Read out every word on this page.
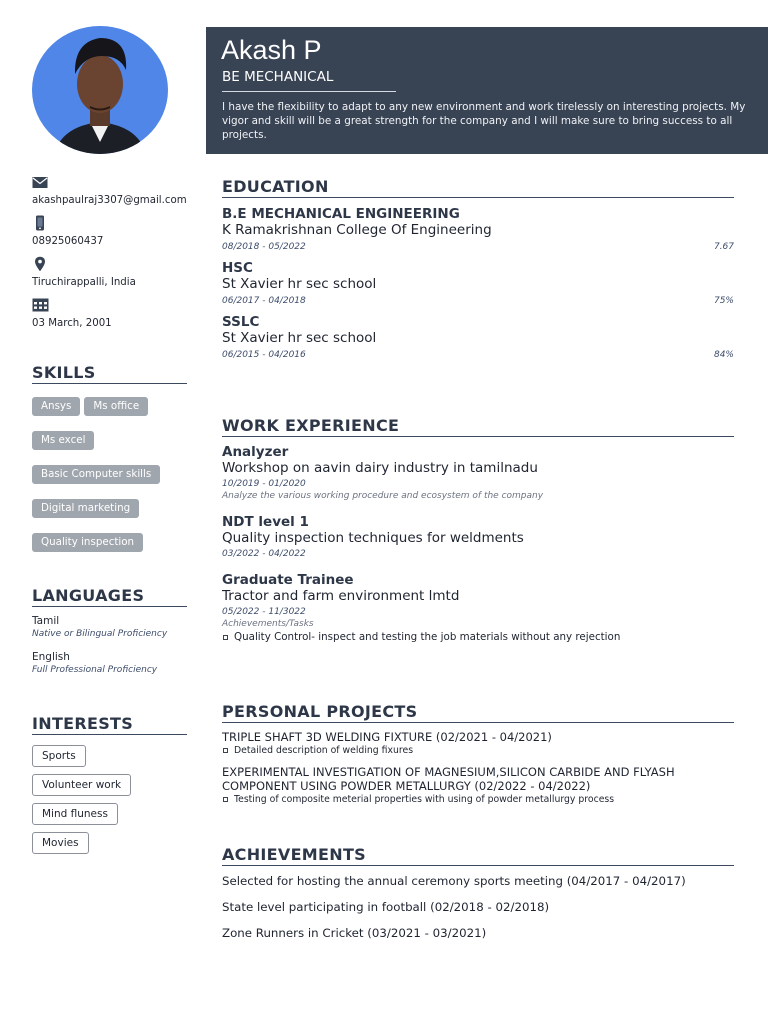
akashpaulraj3307@gmail.com
08925060437
Tiruchirappalli, India
03 March, 2001
SKILLS
Ansys Ms office
Ms excel
Basic Computer skills
Digital marketing
Quality inspection
LANGUAGES
Tamil
Native or Bilingual Proficiency
English
Full Professional Proficiency
INTERESTS
Sports
Volunteer work
Mind fluness
Movies
Akash P
BE MECHANICAL
I have the flexibility to adapt to any new environment and work tirelessly on interesting projects. My vigor and skill will be a great strength for the company and I will make sure to bring success to all projects.
EDUCATION
B.E MECHANICAL ENGINEERING
K Ramakrishnan College Of Engineering
08/2018 - 05/2022	7.67
HSC
St Xavier hr sec school
06/2017 - 04/2018	75%
SSLC
St Xavier hr sec school
06/2015 - 04/2016	84%
WORK EXPERIENCE
Analyzer
Workshop on aavin dairy industry in tamilnadu
10/2019 - 01/2020
Analyze the various working procedure and ecosystem of the company
NDT level 1
Quality inspection techniques for weldments
03/2022 - 04/2022
Graduate Trainee
Tractor and farm environment lmtd
05/2022 - 11/3022
Achievements/Tasks
Quality Control- inspect and testing the job materials without any rejection
PERSONAL PROJECTS
TRIPLE SHAFT 3D WELDING FIXTURE (02/2021 - 04/2021)
Detailed description of welding fixures
EXPERIMENTAL INVESTIGATION OF MAGNESIUM,SILICON CARBIDE AND FLYASH COMPONENT USING POWDER METALLURGY (02/2022 - 04/2022)
Testing of composite meterial properties with using of powder metallurgy process
ACHIEVEMENTS
Selected for hosting the annual ceremony sports meeting (04/2017 - 04/2017)
State level participating in football (02/2018 - 02/2018)
Zone Runners in Cricket (03/2021 - 03/2021)
